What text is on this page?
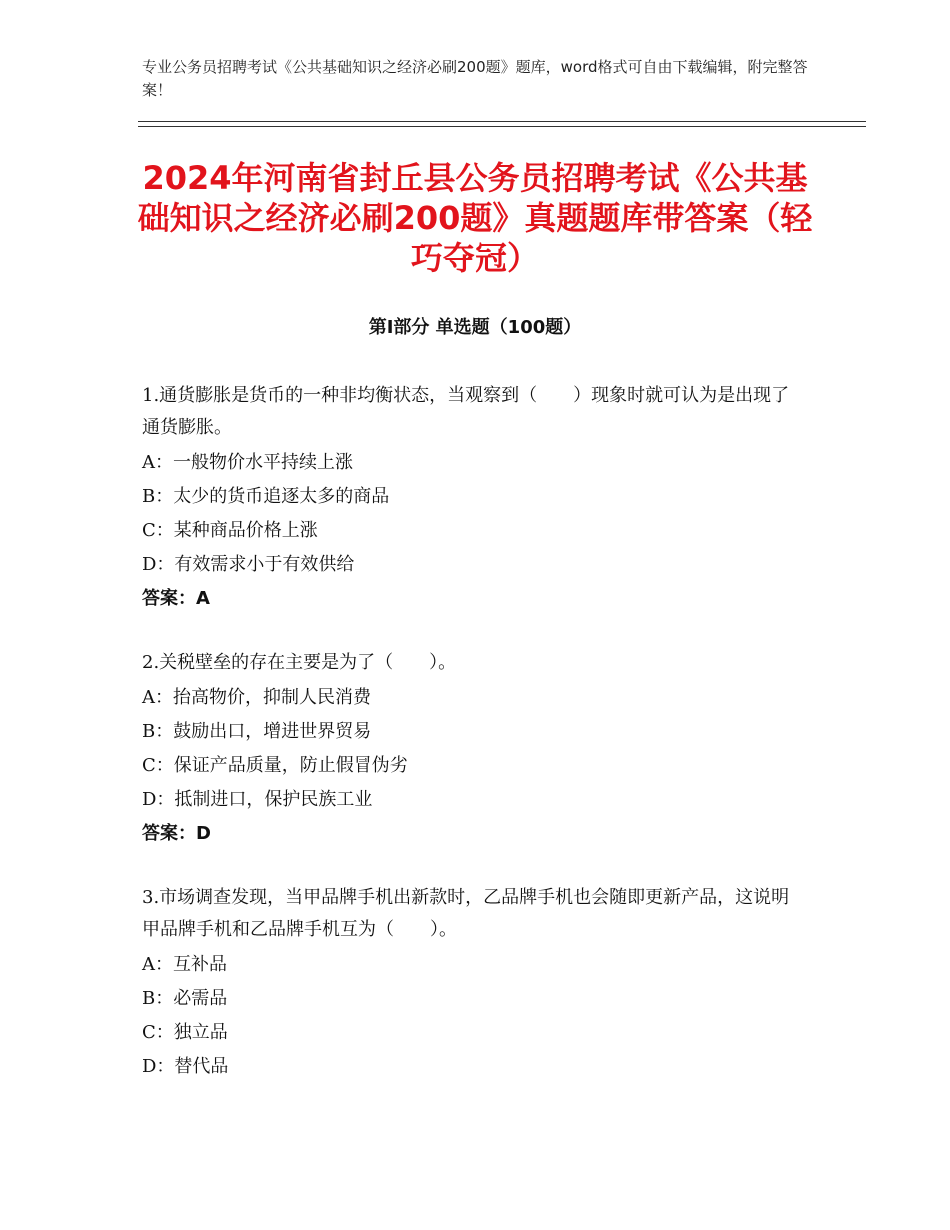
专业公务员招聘考试《公共基础知识之经济必刷200题》题库，word格式可自由下载编辑，附完整答案！
2024年河南省封丘县公务员招聘考试《公共基础知识之经济必刷200题》真题题库带答案（轻巧夺冠）
第Ⅰ部分 单选题（100题）
1.通货膨胀是货币的一种非均衡状态，当观察到（　　）现象时就可认为是出现了通货膨胀。
A：一般物价水平持续上涨
B：太少的货币追逐太多的商品
C：某种商品价格上涨
D：有效需求小于有效供给
答案：A
2.关税壁垒的存在主要是为了（　　）。
A：抬高物价，抑制人民消费
B：鼓励出口，增进世界贸易
C：保证产品质量，防止假冒伪劣
D：抵制进口，保护民族工业
答案：D
3.市场调查发现，当甲品牌手机出新款时，乙品牌手机也会随即更新产品，这说明甲品牌手机和乙品牌手机互为（　　）。
A：互补品
B：必需品
C：独立品
D：替代品
